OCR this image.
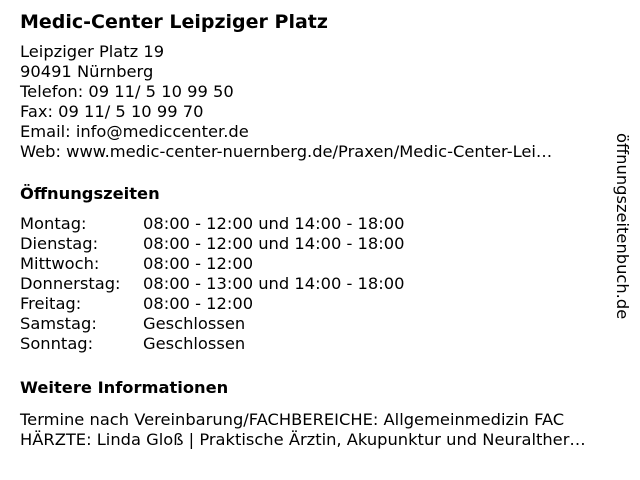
Medic-Center Leipziger Platz
Leipziger Platz 19
90491 Nürnberg
Telefon: 09 11/ 5 10 99 50
Fax: 09 11/ 5 10 99 70
Email: info@mediccenter.de
Web: www.medic-center-nuernberg.de/Praxen/Medic-Center-Lei…
Öffnungszeiten
Montag:	08:00 - 12:00 und 14:00 - 18:00
Dienstag:	08:00 - 12:00 und 14:00 - 18:00
Mittwoch:	08:00 - 12:00
Donnerstag:	08:00 - 13:00 und 14:00 - 18:00
Freitag:	08:00 - 12:00
Samstag:	Geschlossen
Sonntag:	Geschlossen
Weitere Informationen
Termine nach Vereinbarung/FACHBEREICHE: Allgemeinmedizin FAC
HÄRZTE: Linda Gloß | Praktische Ärztin, Akupunktur und Neuralther…
öffnungszeitenbuch.de
